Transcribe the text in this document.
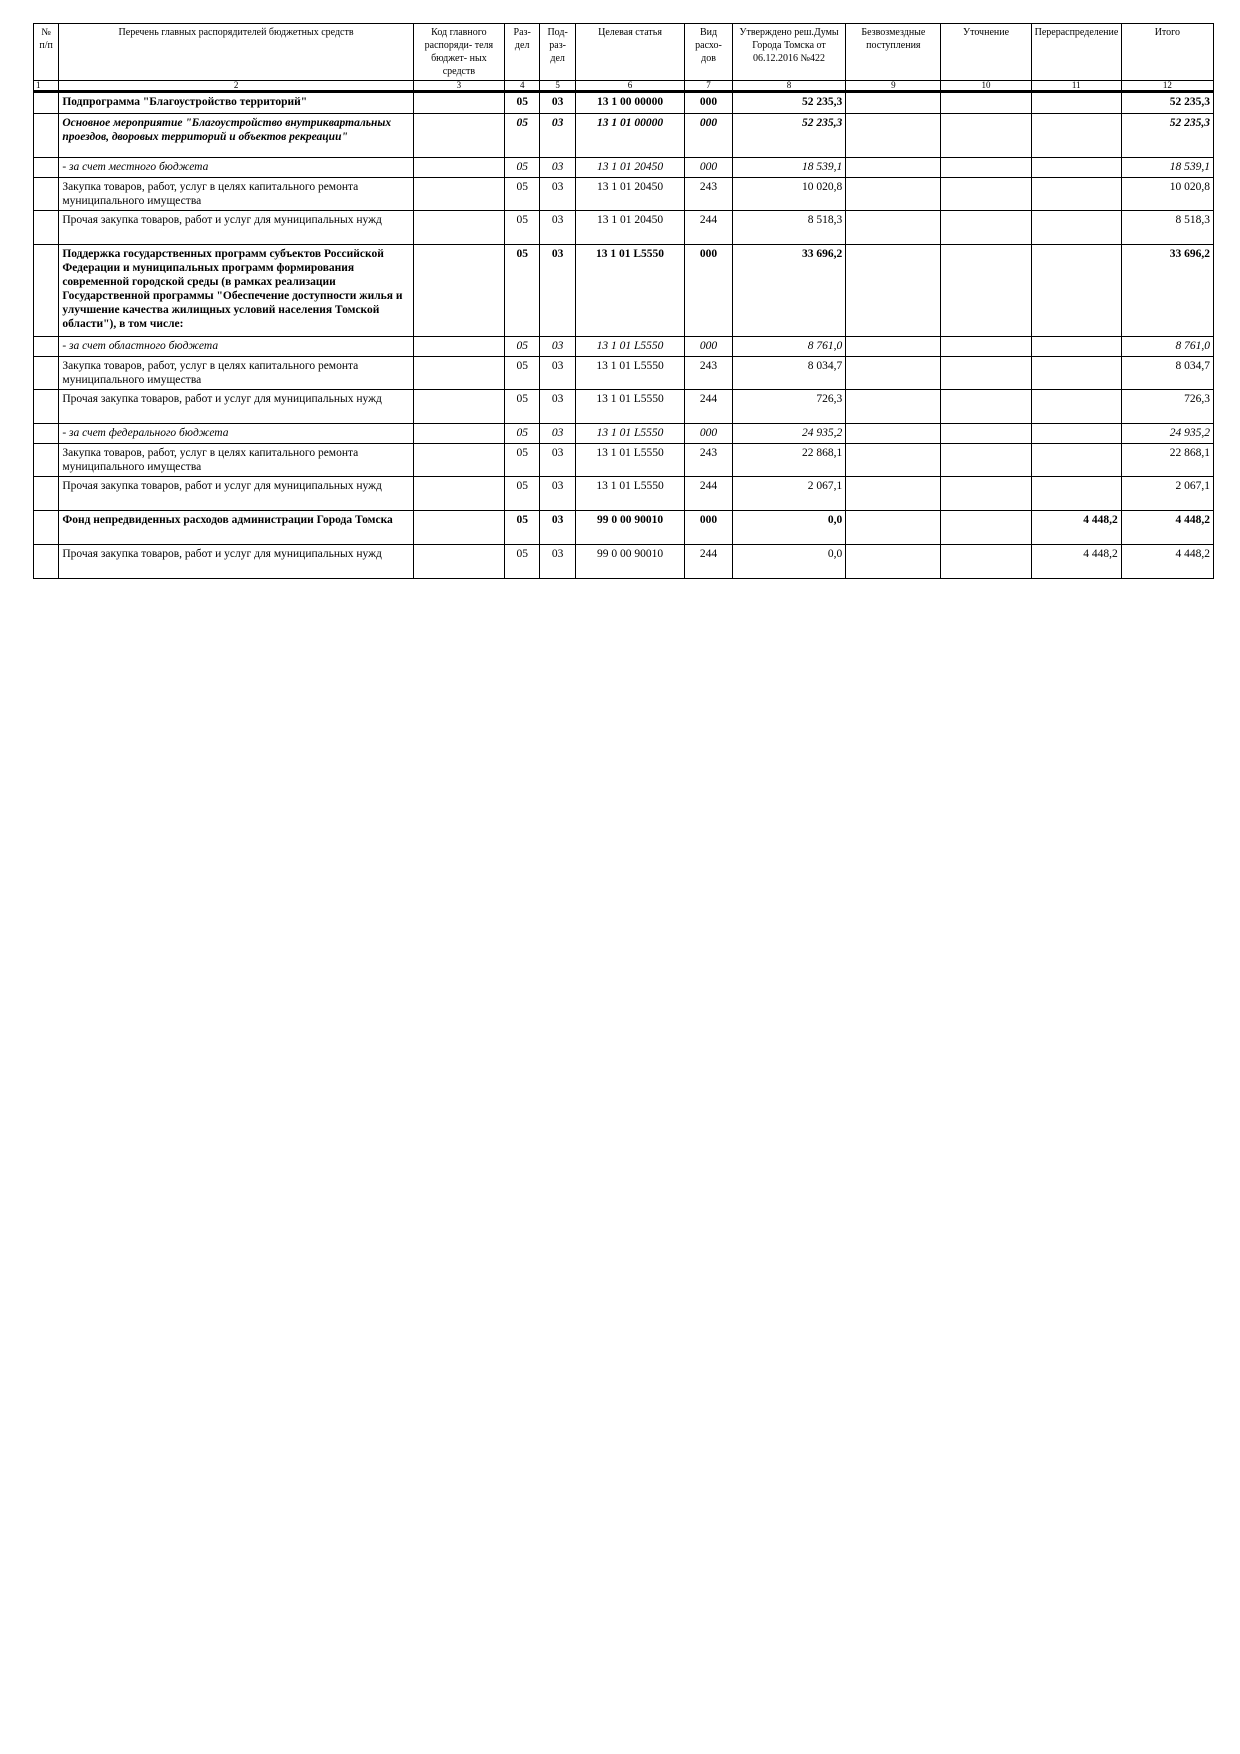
№ п/п	Перечень главных распорядителей бюджетных средств	Код главного распоряди- теля бюджет- ных средств	Раз- дел	Под- раз- дел	Целевая статья	Вид расхо- дов	Утверждено реш.Думы Города Томска от 06.12.2016 №422	Безвозмездные поступления	Уточнение	Перераспределение	Итого
1	2	3	4	5	6	7	8	9	10	11	12
	Подпрограмма "Благоустройство территорий"		05	03	13 1 00 00000	000	52 235,3				52 235,3
	Основное мероприятие "Благоустройство внутриквартальных проездов, дворовых территорий и объектов рекреации"		05	03	13 1 01 00000	000	52 235,3				52 235,3
	- за счет местного бюджета		05	03	13 1 01 20450	000	18 539,1				18 539,1
	Закупка товаров, работ, услуг в целях капитального ремонта муниципального имущества		05	03	13 1 01 20450	243	10 020,8				10 020,8
	Прочая закупка товаров, работ и услуг для муниципальных нужд		05	03	13 1 01 20450	244	8 518,3				8 518,3
	Поддержка государственных программ субъектов Российской Федерации и муниципальных программ формирования современной городской среды (в рамках реализации Государственной программы "Обеспечение доступности жилья и улучшение качества жилищных условий населения Томской области"), в том числе:		05	03	13 1 01 L5550	000	33 696,2				33 696,2
	- за счет областного бюджета		05	03	13 1 01 L5550	000	8 761,0				8 761,0
	Закупка товаров, работ, услуг в целях капитального ремонта муниципального имущества		05	03	13 1 01 L5550	243	8 034,7				8 034,7
	Прочая закупка товаров, работ и услуг для муниципальных нужд		05	03	13 1 01 L5550	244	726,3				726,3
	- за счет федерального бюджета		05	03	13 1 01 L5550	000	24 935,2				24 935,2
	Закупка товаров, работ, услуг в целях капитального ремонта муниципального имущества		05	03	13 1 01 L5550	243	22 868,1				22 868,1
	Прочая закупка товаров, работ и услуг для муниципальных нужд		05	03	13 1 01 L5550	244	2 067,1				2 067,1
	Фонд непредвиденных расходов администрации Города Томска		05	03	99 0 00 90010	000	0,0			4 448,2	4 448,2
	Прочая закупка товаров, работ и услуг для муниципальных нужд		05	03	99 0 00 90010	244	0,0			4 448,2	4 448,2
